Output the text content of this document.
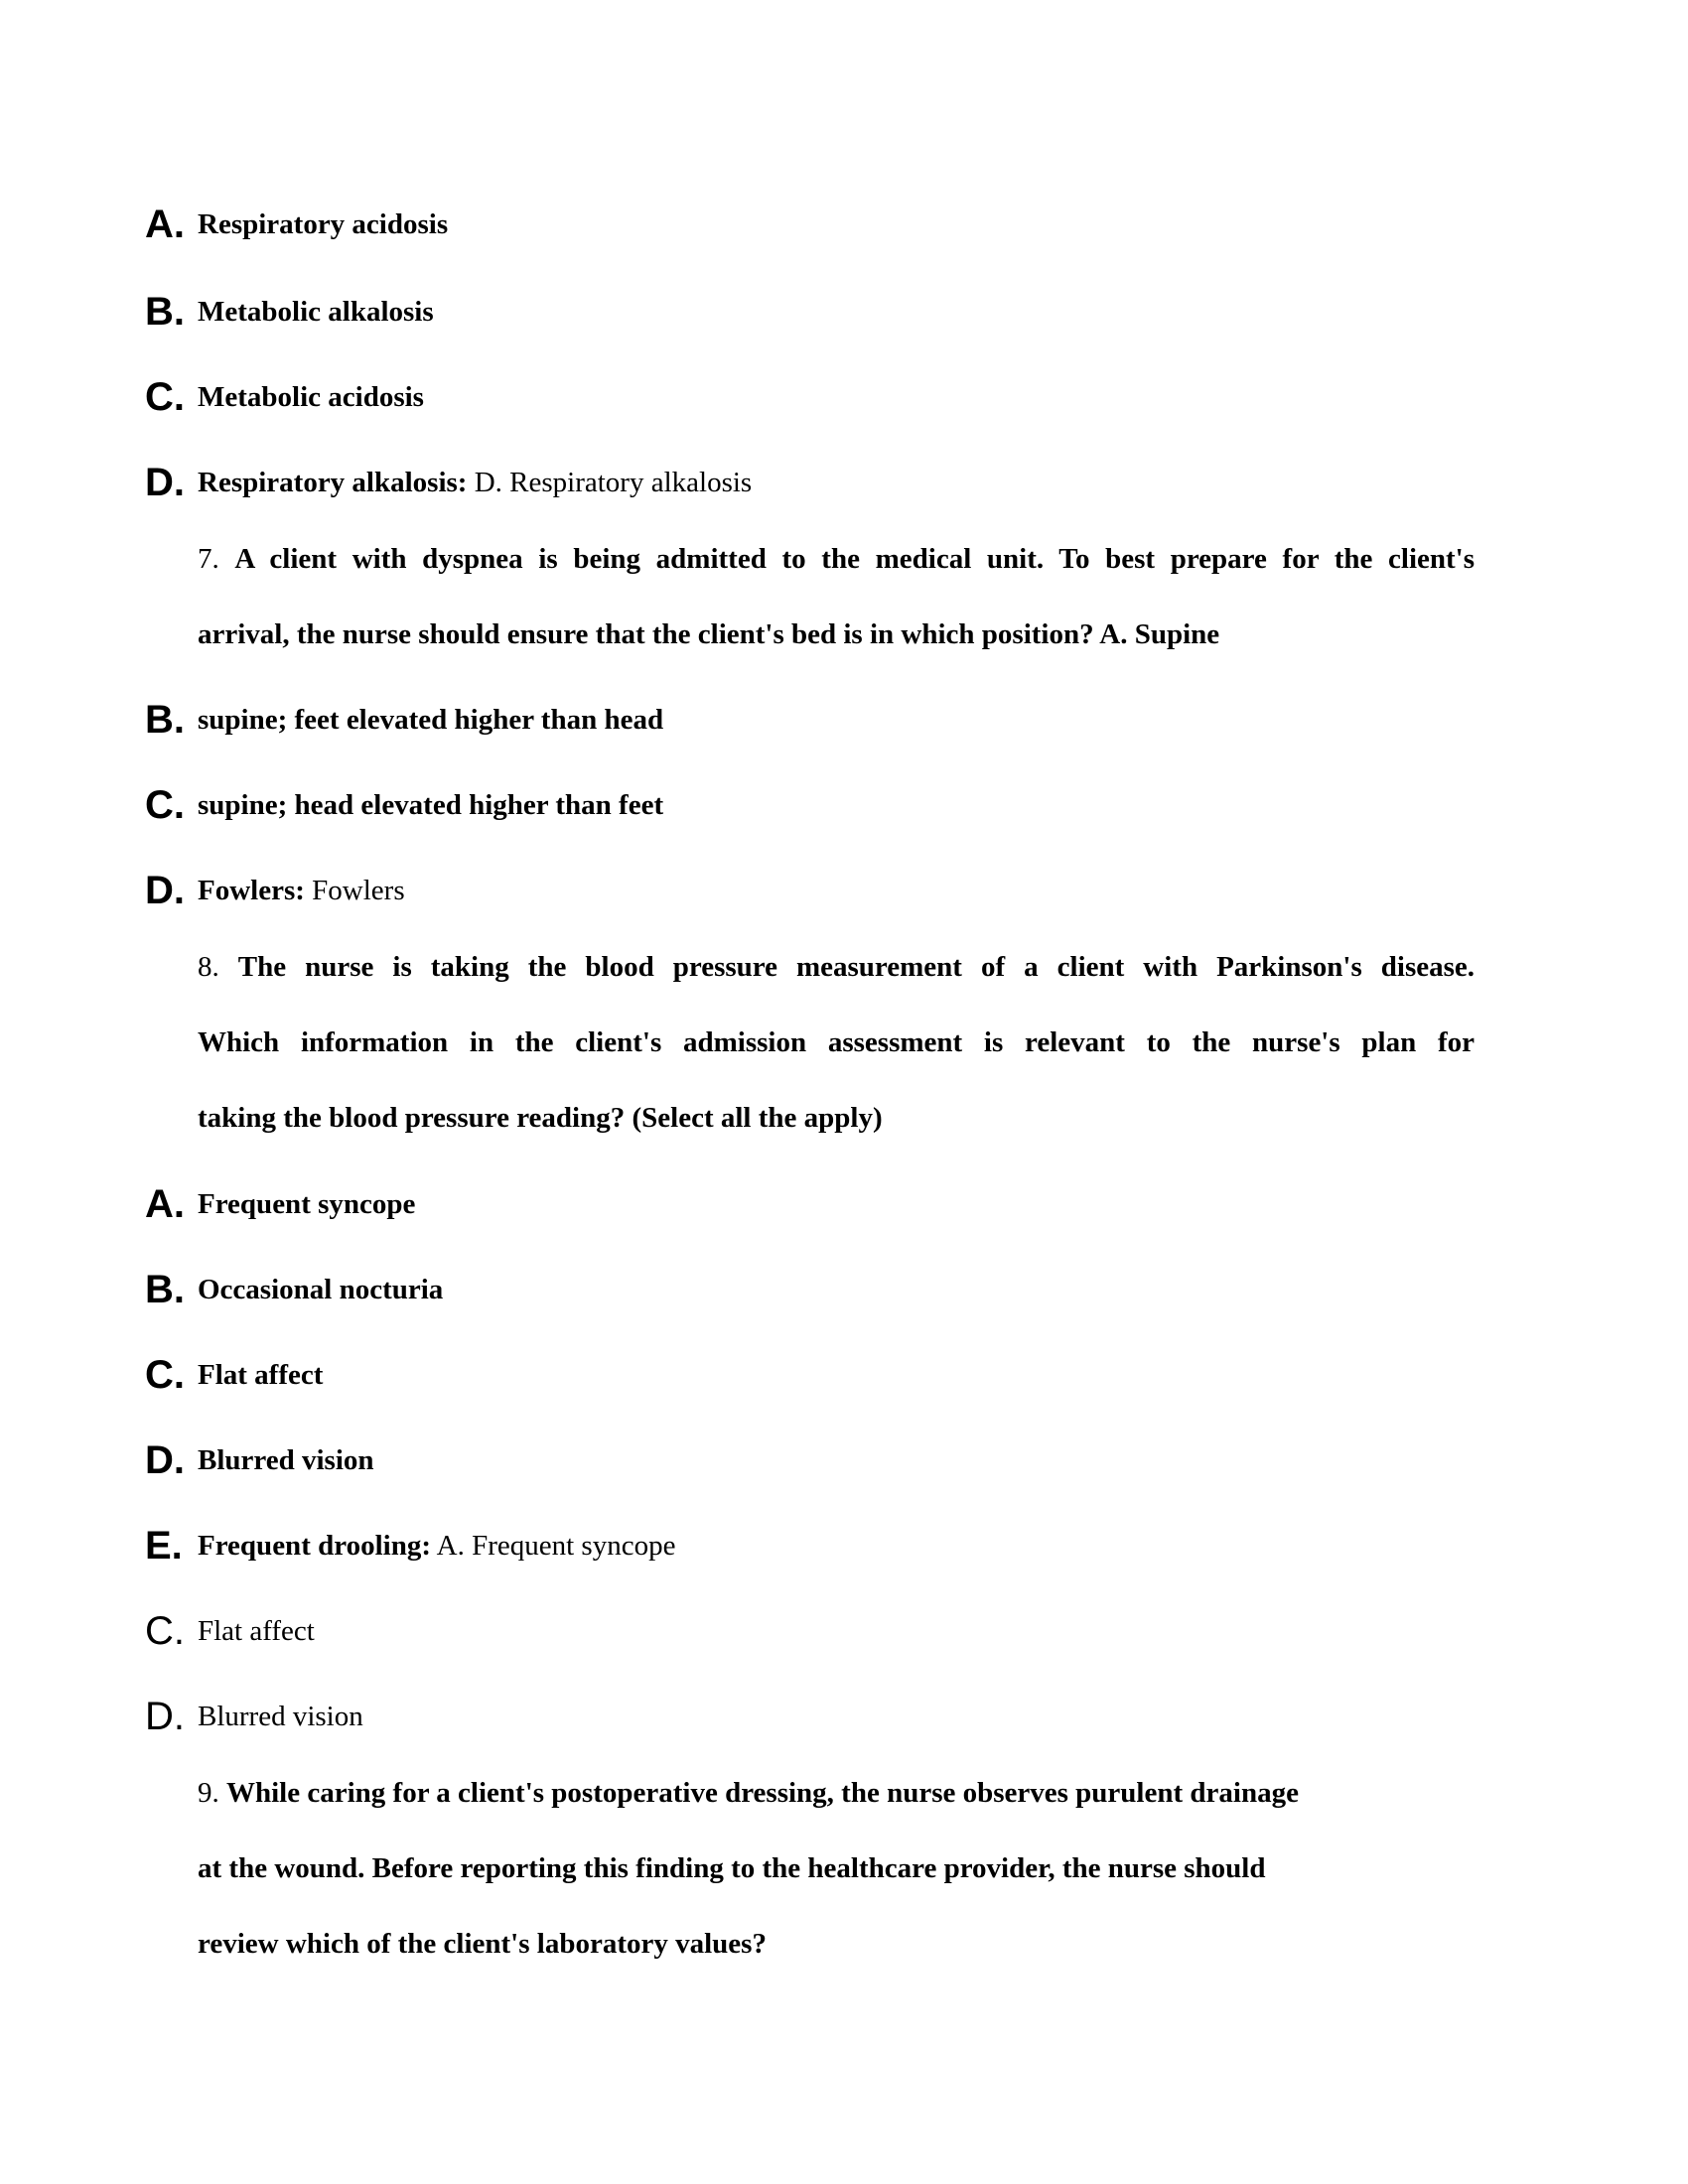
A. Respiratory acidosis
B. Metabolic alkalosis
C. Metabolic acidosis
D. Respiratory alkalosis: D. Respiratory alkalosis
7. A client with dyspnea is being admitted to the medical unit. To best prepare for the client's
arrival, the nurse should ensure that the client's bed is in which position? A. Supine
B. supine; feet elevated higher than head
C. supine; head elevated higher than feet
D. Fowlers: Fowlers
8. The nurse is taking the blood pressure measurement of a client with Parkinson's disease.
Which information in the client's admission assessment is relevant to the nurse's plan for
taking the blood pressure reading? (Select all the apply)
A. Frequent syncope
B. Occasional nocturia
C. Flat affect
D. Blurred vision
E. Frequent drooling: A. Frequent syncope
C. Flat affect
D. Blurred vision
9. While caring for a client's postoperative dressing, the nurse observes purulent drainage
at the wound. Before reporting this finding to the healthcare provider, the nurse should
review which of the client's laboratory values?
